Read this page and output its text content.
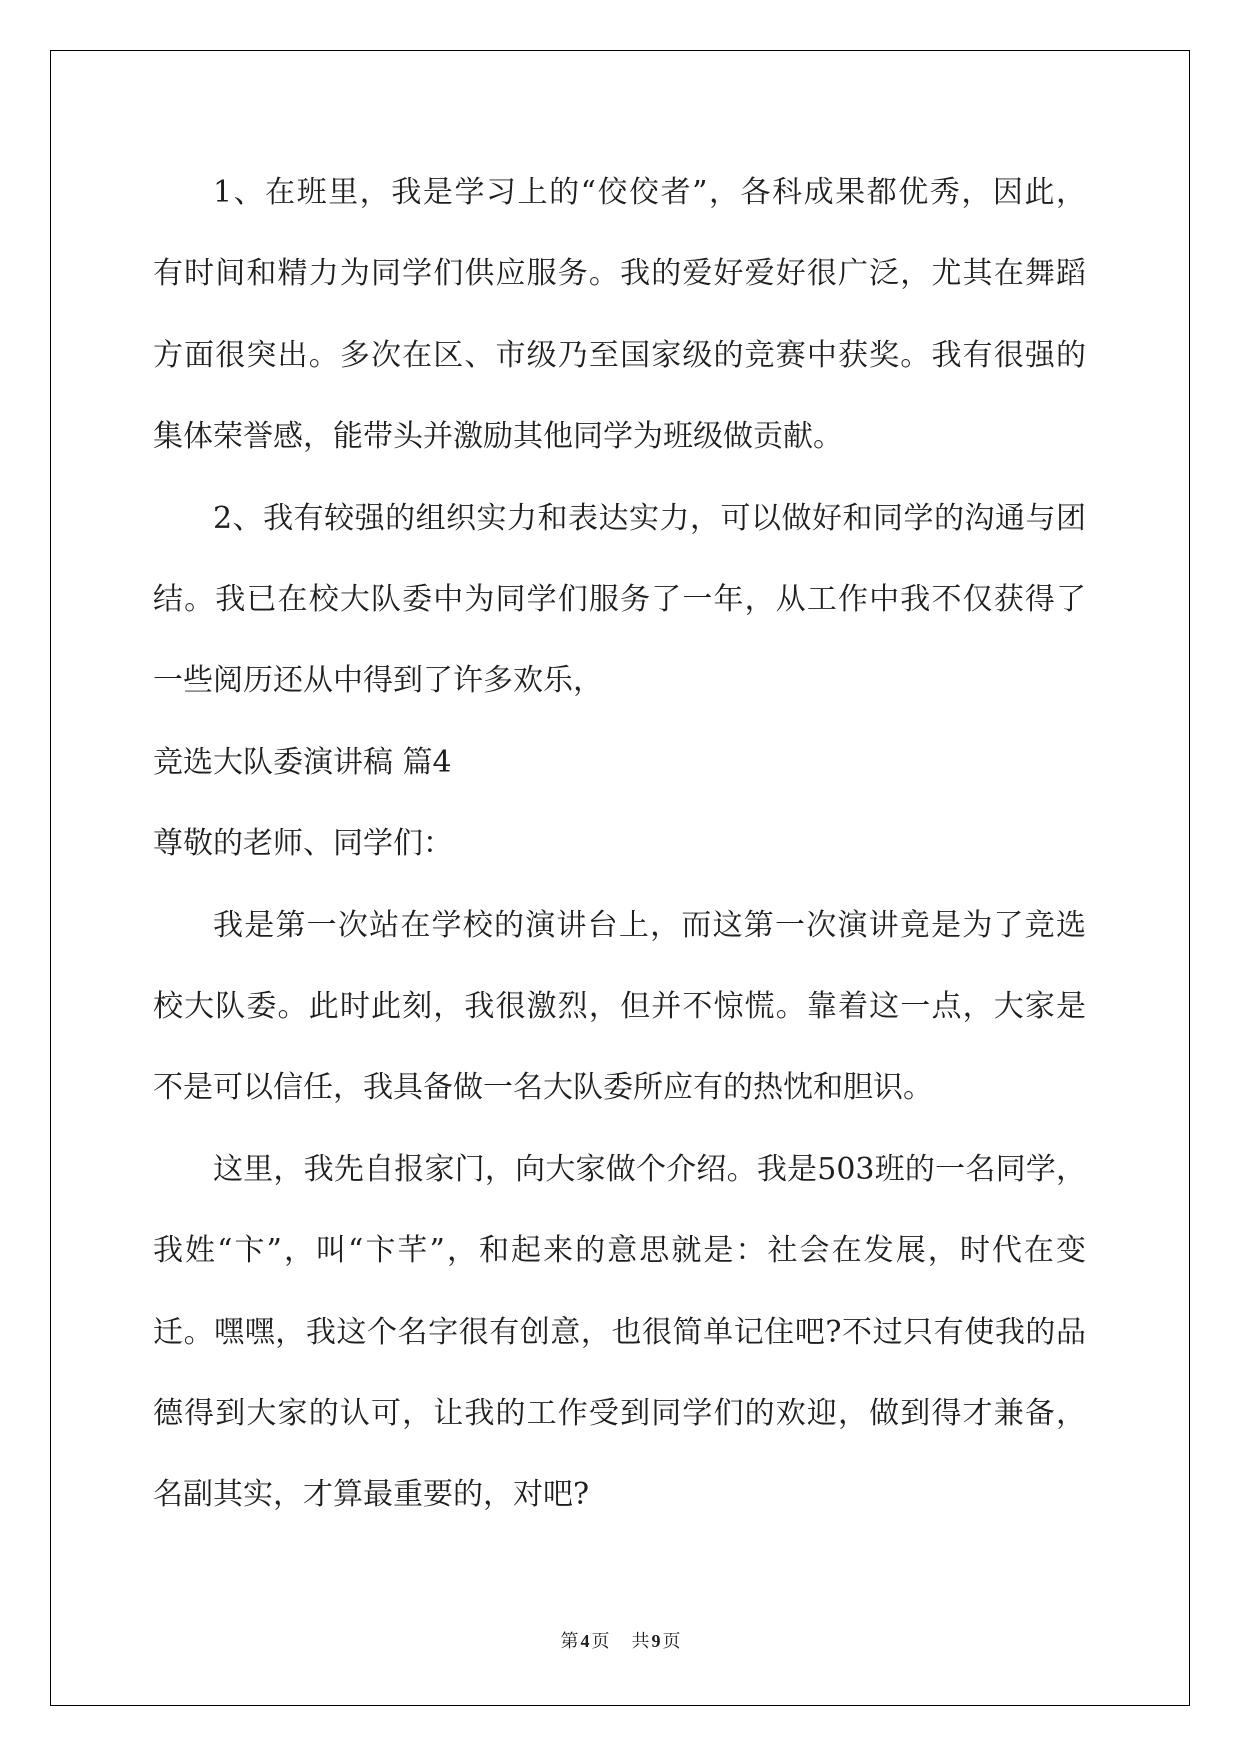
1、在班里，我是学习上的“佼佼者”，各科成果都优秀，因此，
有时间和精力为同学们供应服务。我的爱好爱好很广泛，尤其在舞蹈
方面很突出。多次在区、市级乃至国家级的竞赛中获奖。我有很强的
集体荣誉感，能带头并激励其他同学为班级做贡献。
2、我有较强的组织实力和表达实力，可以做好和同学的沟通与团
结。我已在校大队委中为同学们服务了一年，从工作中我不仅获得了
一些阅历还从中得到了许多欢乐，
竞选大队委演讲稿 篇4
尊敬的老师、同学们：
我是第一次站在学校的演讲台上，而这第一次演讲竟是为了竞选
校大队委。此时此刻，我很激烈，但并不惊慌。靠着这一点，大家是
不是可以信任，我具备做一名大队委所应有的热忱和胆识。
这里，我先自报家门，向大家做个介绍。我是503班的一名同学，
我姓“卞”，叫“卞芊”，和起来的意思就是：社会在发展，时代在变
迁。嘿嘿，我这个名字很有创意，也很简单记住吧?不过只有使我的品
德得到大家的认可，让我的工作受到同学们的欢迎，做到得才兼备，
名副其实，才算最重要的，对吧?
第 4 页 共 9 页
